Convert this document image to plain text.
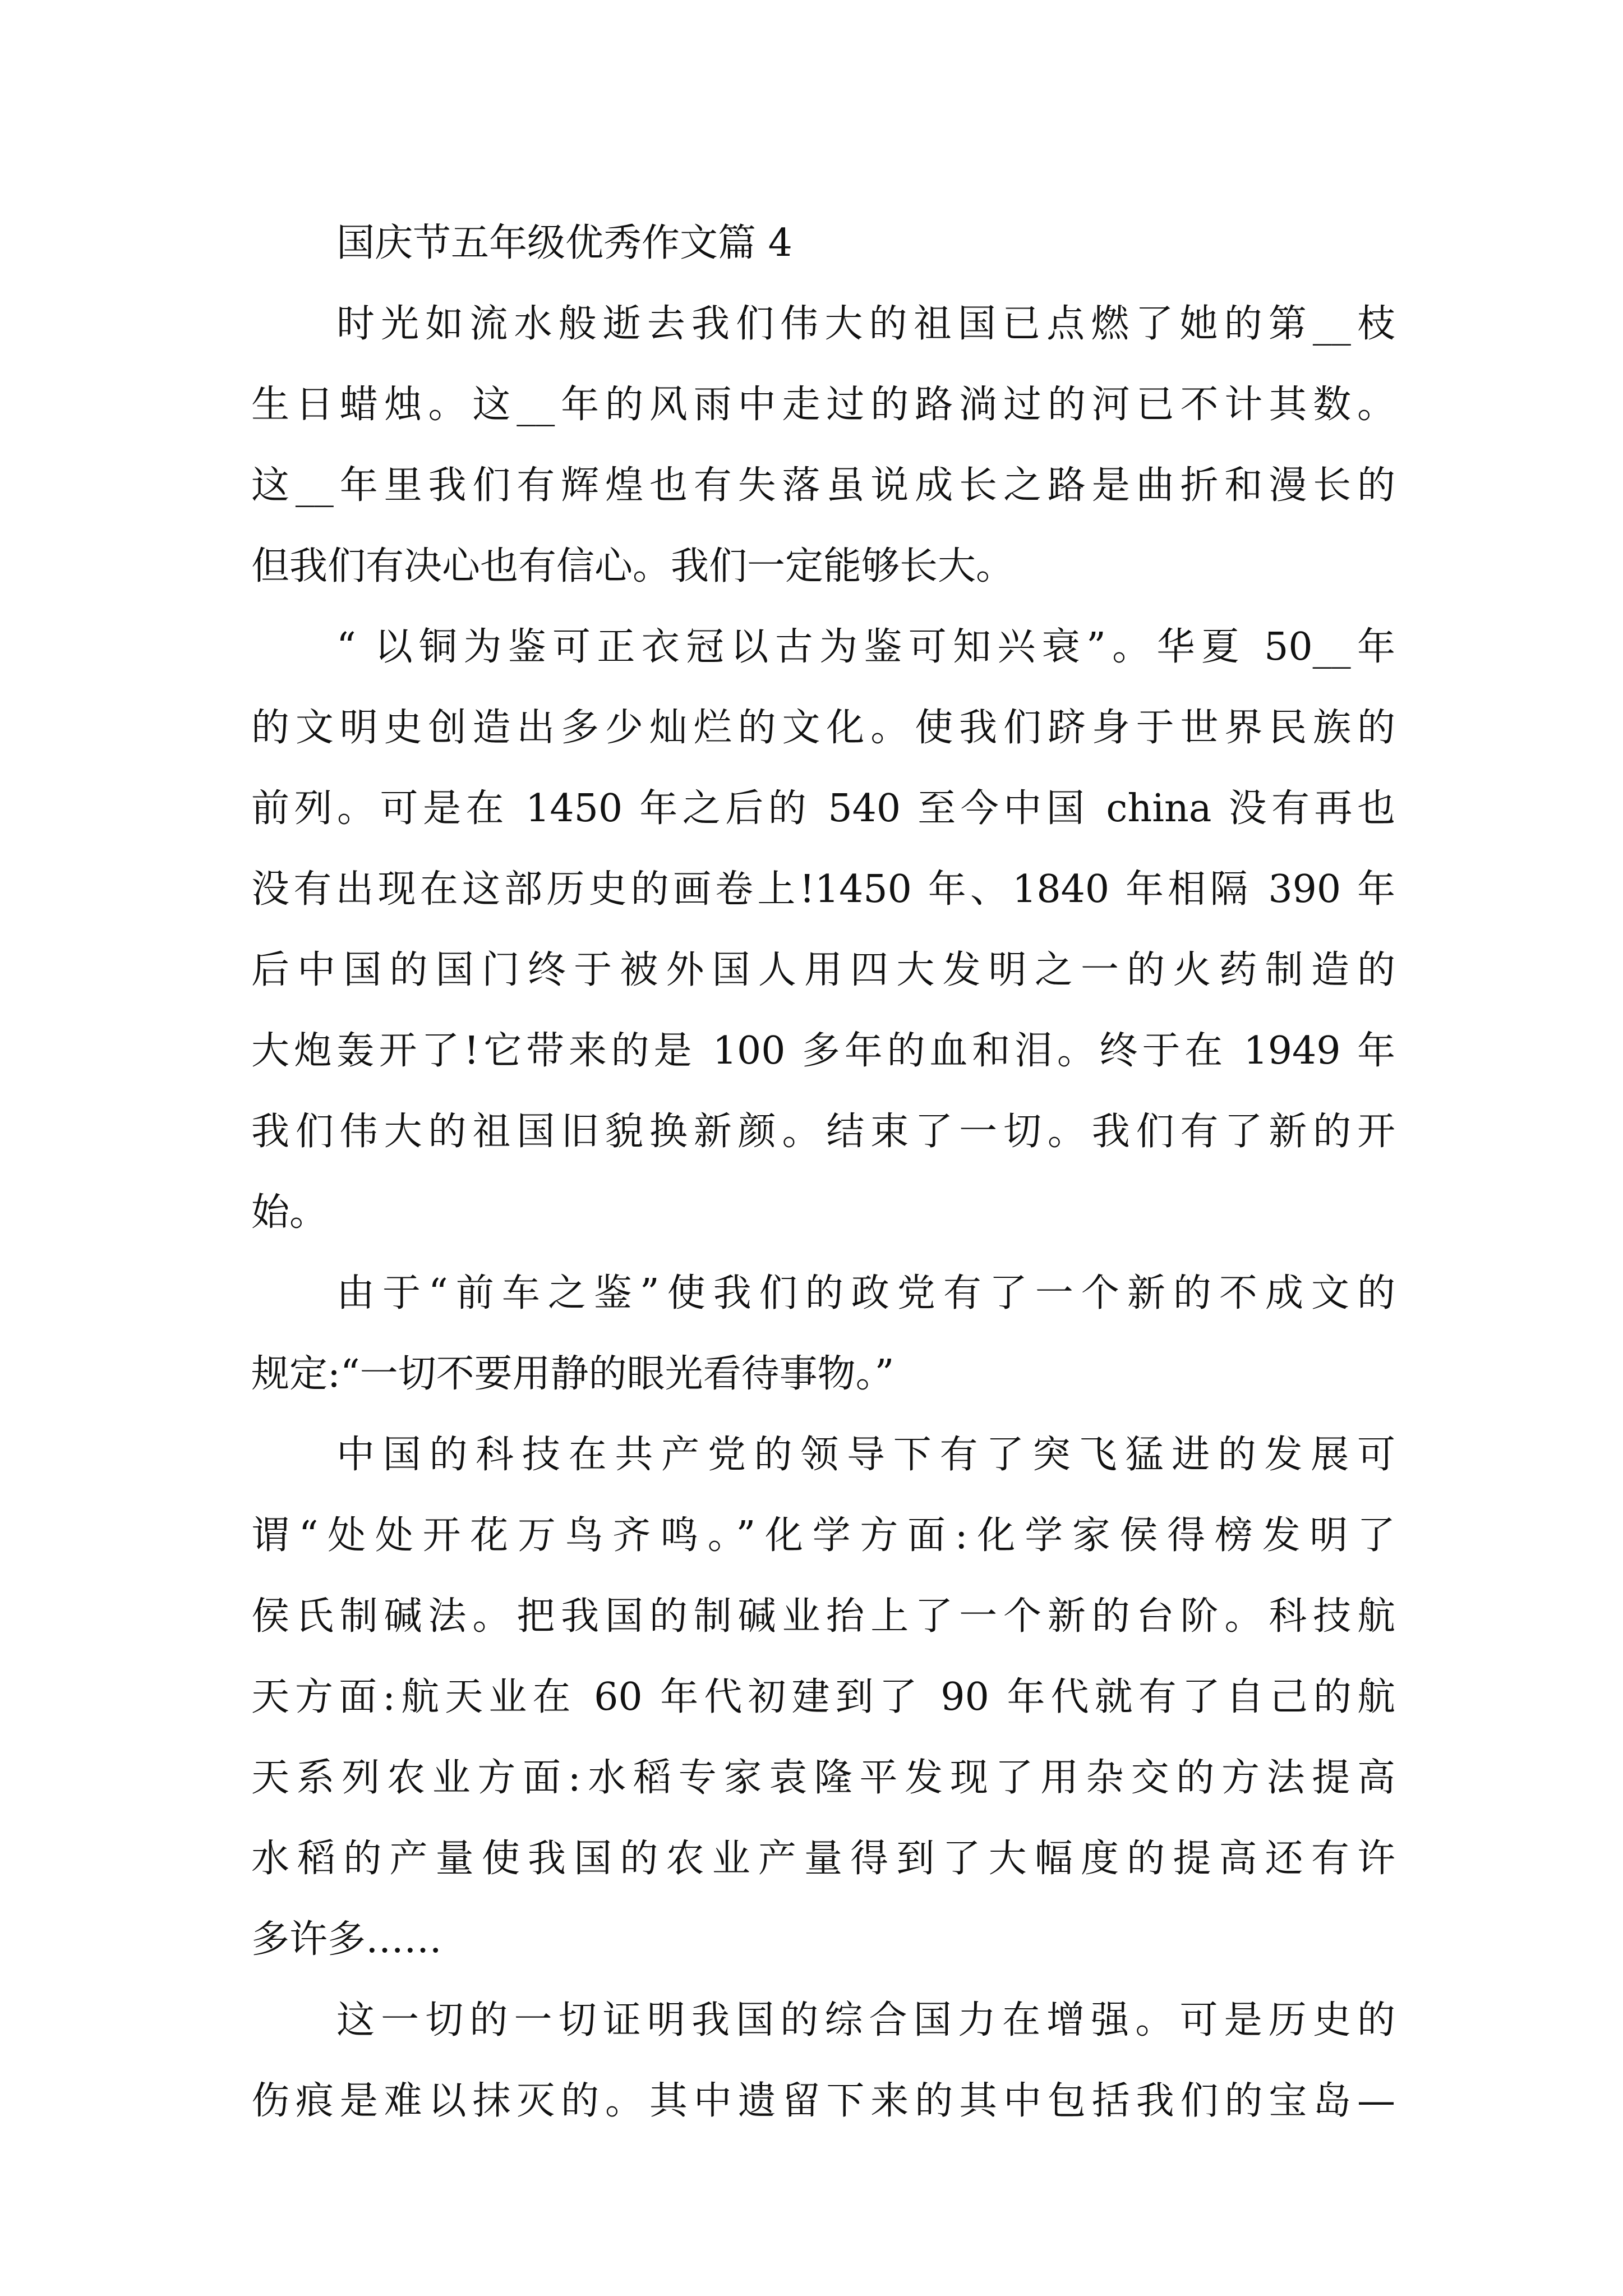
国庆节五年级优秀作文篇 4
时光如流水般逝去我们伟大的祖国已点燃了她的第__枝
生日蜡烛。这__年的风雨中走过的路淌过的河已不计其数。
这__年里我们有辉煌也有失落虽说成长之路是曲折和漫长的
但我们有决心也有信心。我们一定能够长大。
“ 以铜为鉴可正衣冠以古为鉴可知兴衰”。华夏 50__年
的文明史创造出多少灿烂的文化。使我们跻身于世界民族的
前列。可是在 1450 年之后的 540 至今中国 china 没有再也
没有出现在这部历史的画卷上!1450 年、1840 年相隔 390 年
后中国的国门终于被外国人用四大发明之一的火药制造的
大炮轰开了!它带来的是 100 多年的血和泪。终于在 1949 年
我们伟大的祖国旧貌换新颜。结束了一切。我们有了新的开
始。
由于“前车之鉴”使我们的政党有了一个新的不成文的
规定:“一切不要用静的眼光看待事物。”
中国的科技在共产党的领导下有了突飞猛进的发展可
谓“处处开花万鸟齐鸣。”化学方面:化学家侯得榜发明了
侯氏制碱法。把我国的制碱业抬上了一个新的台阶。科技航
天方面:航天业在 60 年代初建到了 90 年代就有了自己的航
天系列农业方面:水稻专家袁隆平发现了用杂交的方法提高
水稻的产量使我国的农业产量得到了大幅度的提高还有许
多许多……
这一切的一切证明我国的综合国力在增强。可是历史的
伤痕是难以抹灭的。其中遗留下来的其中包括我们的宝岛—
